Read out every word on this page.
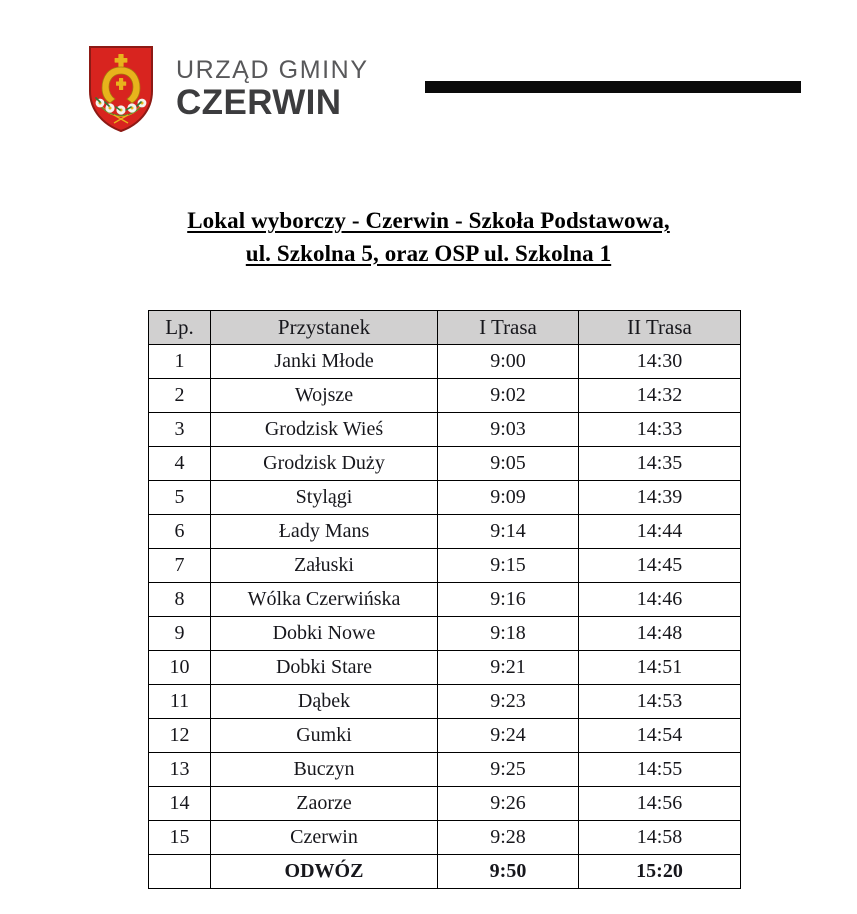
URZĄD GMINY
CZERWIN
Lokal wyborczy - Czerwin - Szkoła Podstawowa,
ul. Szkolna 5, oraz OSP ul. Szkolna 1
Lp.	Przystanek	I Trasa	II Trasa
1	Janki Młode	9:00	14:30
2	Wojsze	9:02	14:32
3	Grodzisk Wieś	9:03	14:33
4	Grodzisk Duży	9:05	14:35
5	Stylągi	9:09	14:39
6	Łady Mans	9:14	14:44
7	Załuski	9:15	14:45
8	Wólka Czerwińska	9:16	14:46
9	Dobki Nowe	9:18	14:48
10	Dobki Stare	9:21	14:51
11	Dąbek	9:23	14:53
12	Gumki	9:24	14:54
13	Buczyn	9:25	14:55
14	Zaorze	9:26	14:56
15	Czerwin	9:28	14:58
	ODWÓZ	9:50	15:20
